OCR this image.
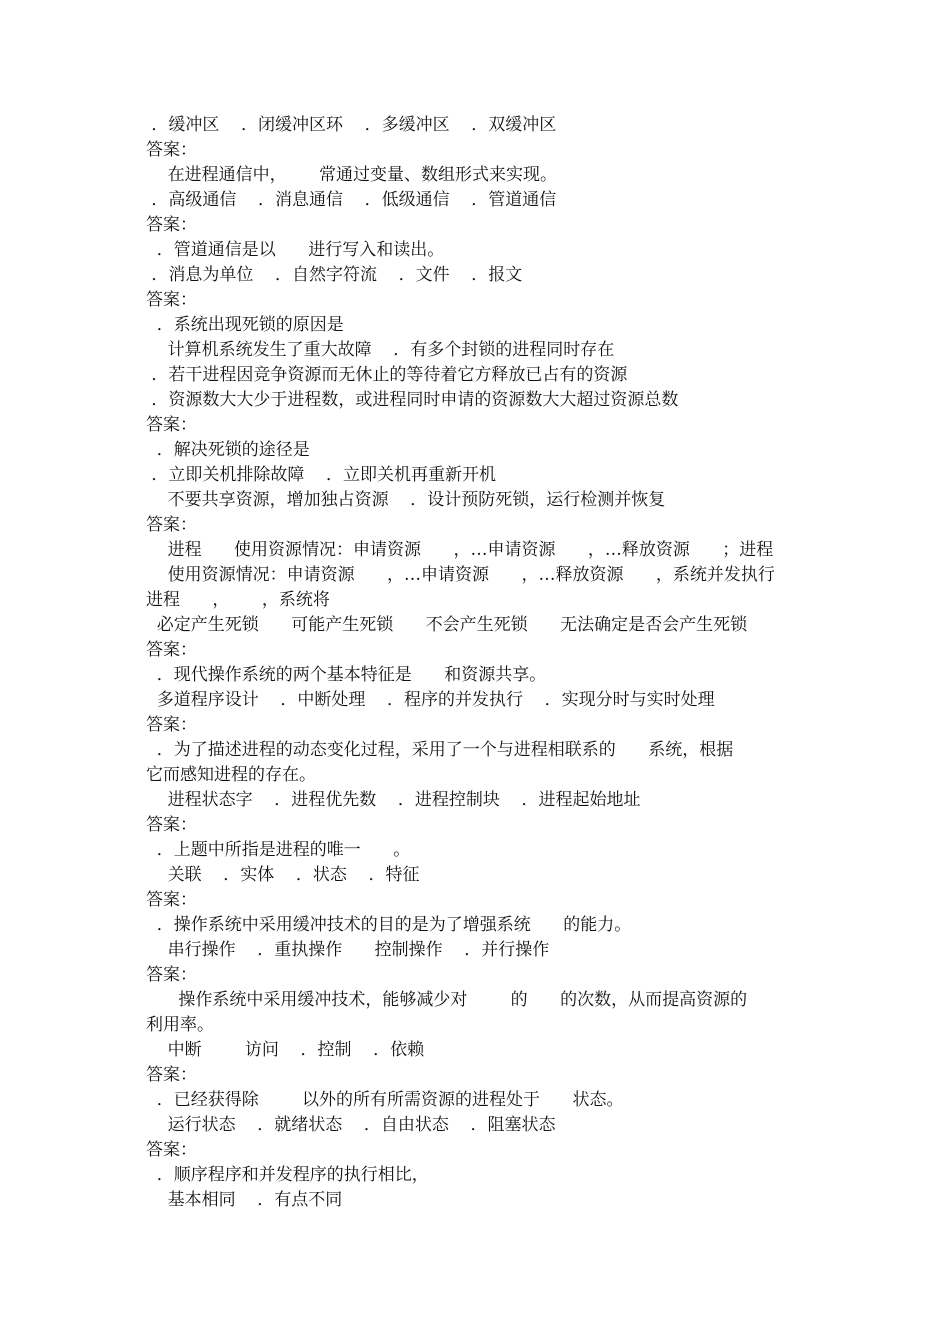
．缓冲区    ．闭缓冲区环    ．多缓冲区    ．双缓冲区
答案：
在进程通信中，      常通过变量、数组形式来实现。
．高级通信    ．消息通信    ．低级通信    ．管道通信
答案：
．管道通信是以      进行写入和读出。
．消息为单位    ．自然字符流    ．文件    ．报文
答案：
．系统出现死锁的原因是
计算机系统发生了重大故障    ．有多个封锁的进程同时存在
．若干进程因竞争资源而无休止的等待着它方释放已占有的资源
．资源数大大少于进程数，或进程同时申请的资源数大大超过资源总数
答案：
．解决死锁的途径是
．立即关机排除故障    ．立即关机再重新开机
不要共享资源，增加独占资源    ．设计预防死锁，运行检测并恢复
答案：
进程      使用资源情况：申请资源      ，…申请资源      ，…释放资源      ；进程
使用资源情况：申请资源      ，…申请资源      ，…释放资源      ，系统并发执行
进程      ，      ，系统将
必定产生死锁      可能产生死锁      不会产生死锁      无法确定是否会产生死锁
答案：
．现代操作系统的两个基本特征是      和资源共享。
多道程序设计    ．中断处理    ．程序的并发执行    ．实现分时与实时处理
答案：
．为了描述进程的动态变化过程，采用了一个与进程相联系的      系统，根据
它而感知进程的存在。
进程状态字    ．进程优先数    ．进程控制块    ．进程起始地址
答案：
．上题中所指是进程的唯一      。
关联    ．实体    ．状态    ．特征
答案：
．操作系统中采用缓冲技术的目的是为了增强系统      的能力。
串行操作    ．重执操作      控制操作    ．并行操作
答案：
操作系统中采用缓冲技术，能够减少对        的      的次数，从而提高资源的
利用率。
中断        访问    ．控制    ．依赖
答案：
．已经获得除        以外的所有所需资源的进程处于      状态。
运行状态    ．就绪状态    ．自由状态    ．阻塞状态
答案：
．顺序程序和并发程序的执行相比，
基本相同    ．有点不同
